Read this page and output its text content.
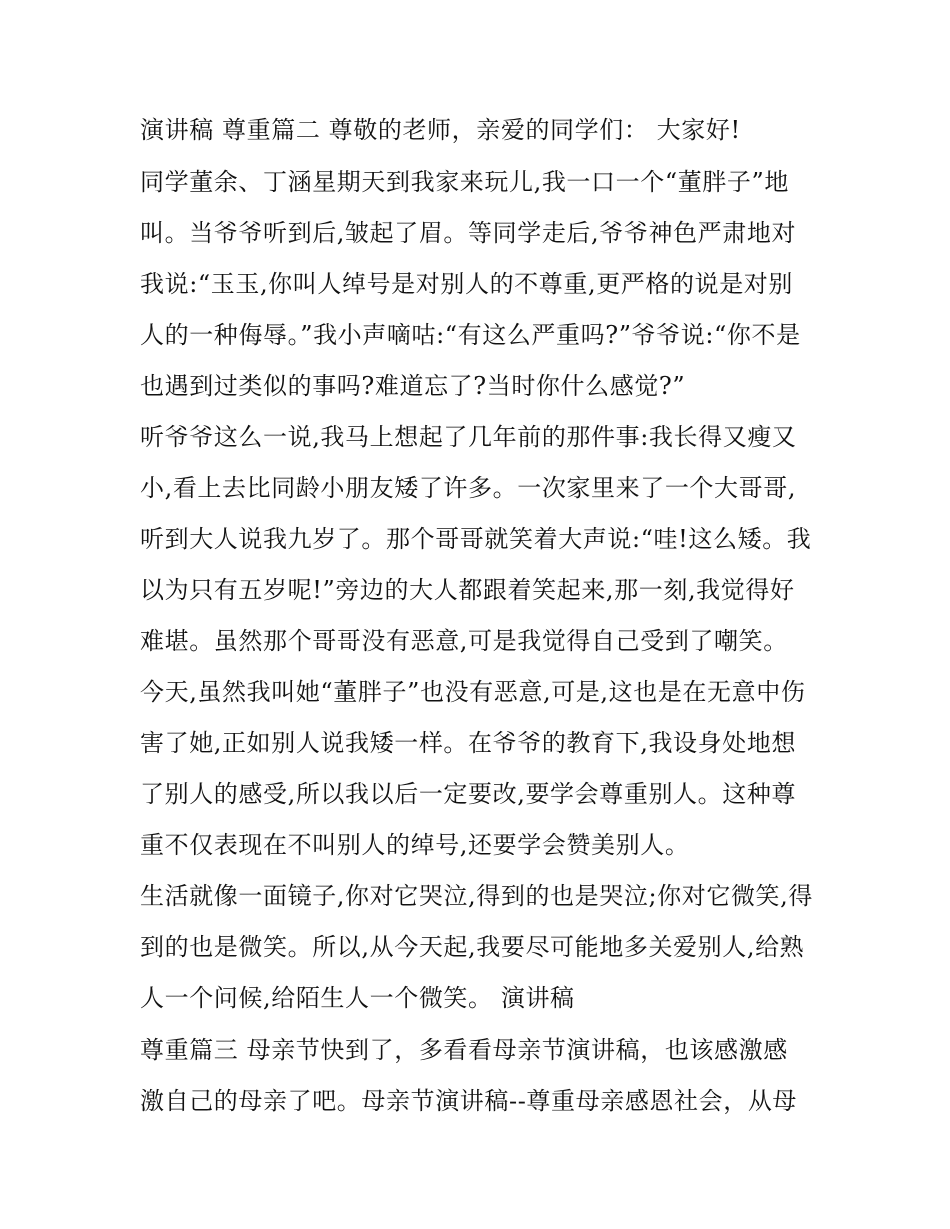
演讲稿 尊重篇二 尊敬的老师，亲爱的同学们： 大家好!
同学董余、丁涵星期天到我家来玩儿,我一口一个“董胖子”地
叫。当爷爷听到后,皱起了眉。等同学走后,爷爷神色严肃地对
我说:“玉玉,你叫人绰号是对别人的不尊重,更严格的说是对别
人的一种侮辱。”我小声嘀咕:“有这么严重吗?”爷爷说:“你不是
也遇到过类似的事吗?难道忘了?当时你什么感觉?”
听爷爷这么一说,我马上想起了几年前的那件事:我长得又瘦又
小,看上去比同龄小朋友矮了许多。一次家里来了一个大哥哥,
听到大人说我九岁了。那个哥哥就笑着大声说:“哇!这么矮。我
以为只有五岁呢!”旁边的大人都跟着笑起来,那一刻,我觉得好
难堪。虽然那个哥哥没有恶意,可是我觉得自己受到了嘲笑。
今天,虽然我叫她“董胖子”也没有恶意,可是,这也是在无意中伤
害了她,正如别人说我矮一样。在爷爷的教育下,我设身处地想
了别人的感受,所以我以后一定要改,要学会尊重别人。这种尊
重不仅表现在不叫别人的绰号,还要学会赞美别人。
生活就像一面镜子,你对它哭泣,得到的也是哭泣;你对它微笑,得
到的也是微笑。所以,从今天起,我要尽可能地多关爱别人,给熟
人一个问候,给陌生人一个微笑。 演讲稿
尊重篇三 母亲节快到了，多看看母亲节演讲稿，也该感激感
激自己的母亲了吧。母亲节演讲稿--尊重母亲感恩社会，从母
